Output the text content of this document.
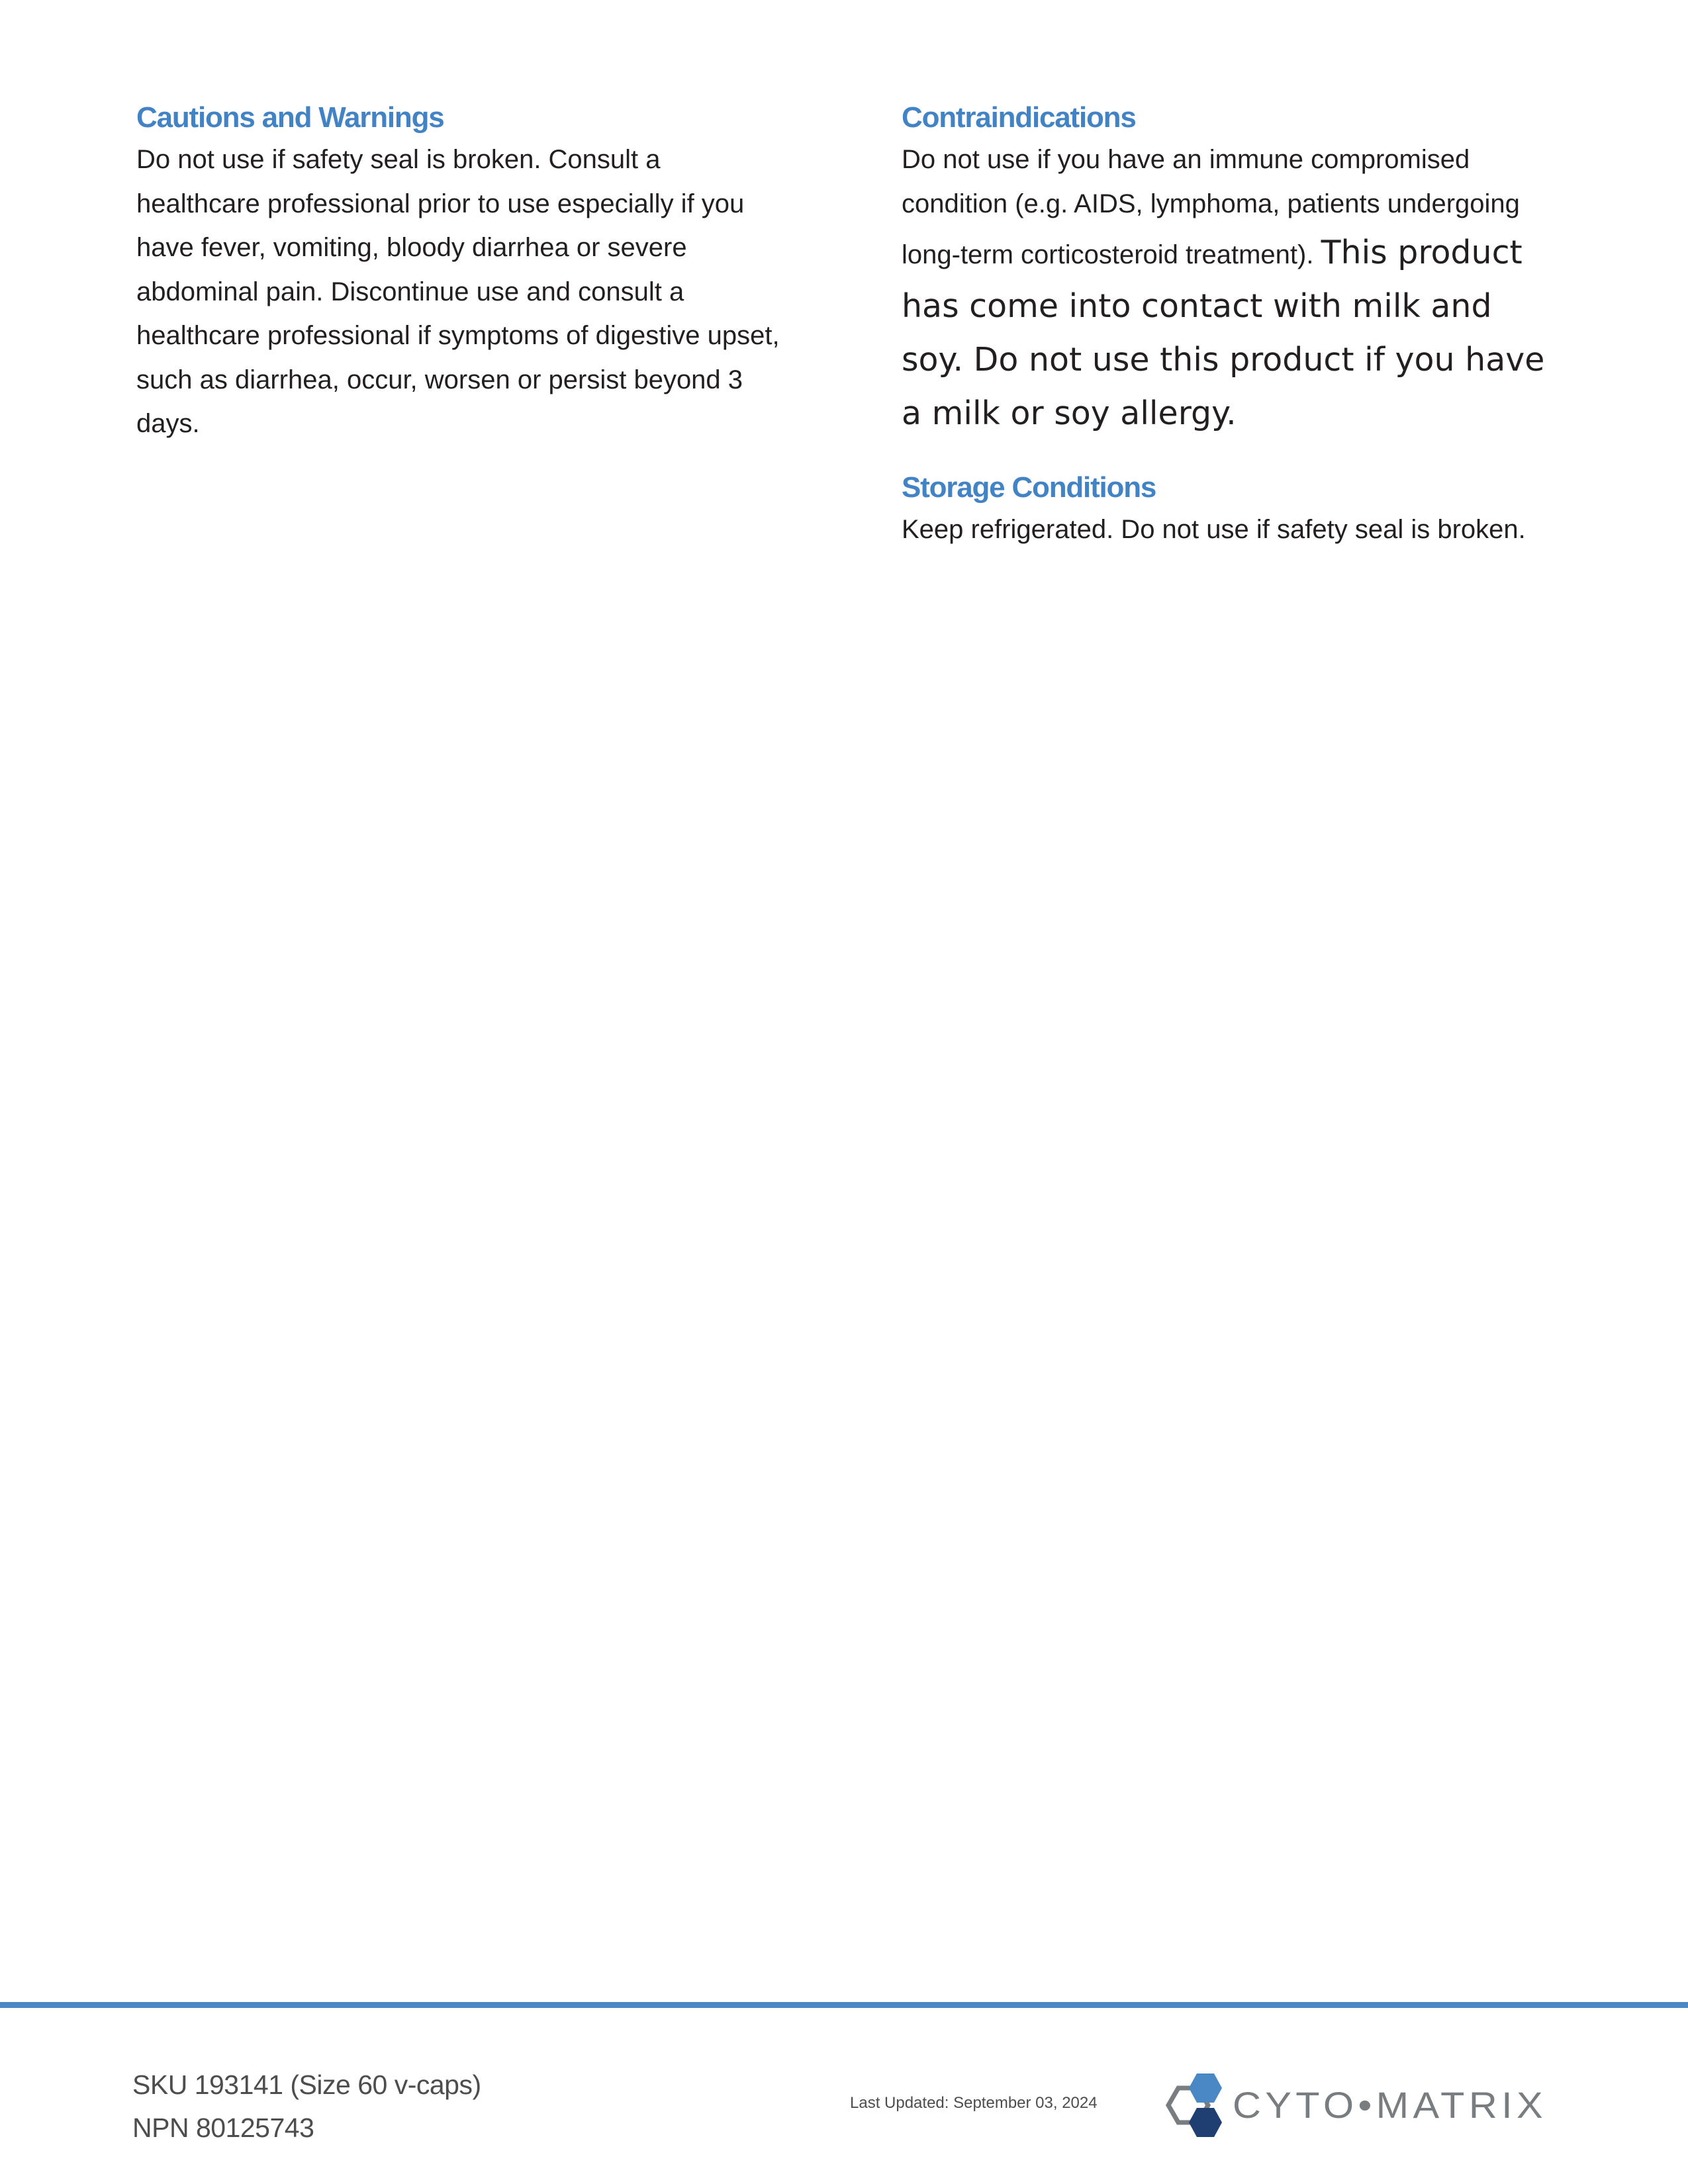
Cautions and Warnings

Do not use if safety seal is broken. Consult a healthcare professional prior to use especially if you have fever, vomiting, bloody diarrhea or severe abdominal pain. Discontinue use and consult a healthcare professional if symptoms of digestive upset, such as diarrhea, occur, worsen or persist beyond 3 days.

Contraindications

Do not use if you have an immune compromised condition (e.g. AIDS, lymphoma, patients undergoing long-term corticosteroid treatment). This product has come into contact with milk and soy. Do not use this product if you have a milk or soy allergy.

Storage Conditions

Keep refrigerated. Do not use if safety seal is broken.

SKU 193141 (Size 60 v-caps)
NPN 80125743
Last Updated: September 03, 2024	CYTO•MATRIX
